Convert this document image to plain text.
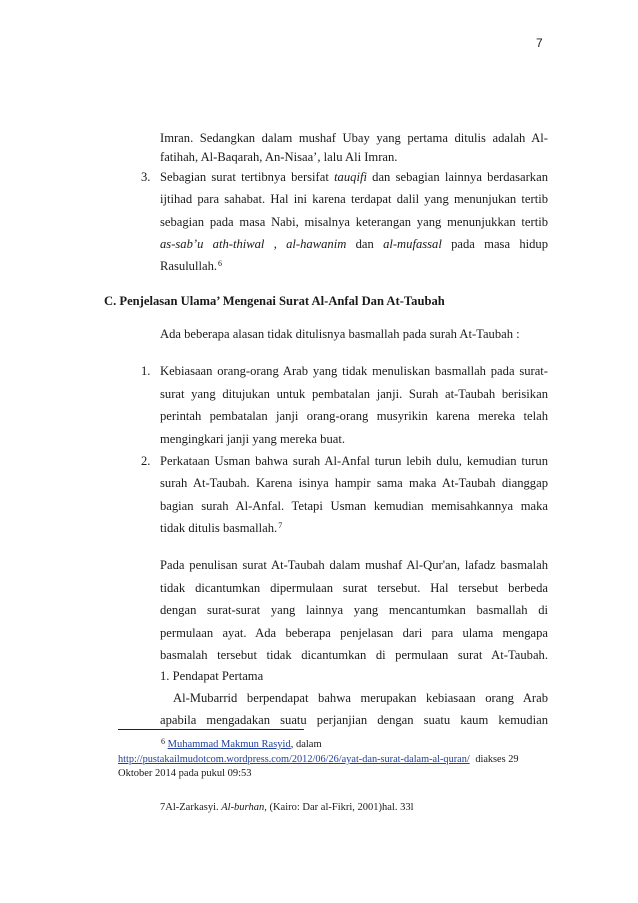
7
Imran. Sedangkan dalam mushaf Ubay yang pertama ditulis adalah Al-
fatihah, Al-Baqarah, An-Nisaa’, lalu Ali Imran.
3. Sebagian surat tertibnya bersifat tauqifi dan sebagian lainnya berdasarkan
ijtihad para sahabat. Hal ini karena terdapat dalil yang menunjukan tertib
sebagian pada masa Nabi, misalnya keterangan yang menunjukkan tertib
as-sab’u ath-thiwal , al-hawanim dan al-mufassal pada masa hidup
Rasulullah.$^6$
C. Penjelasan Ulama’ Mengenai Surat Al-Anfal Dan At-Taubah
Ada beberapa alasan tidak ditulisnya basmallah pada surah At-Taubah :
1. Kebiasaan orang-orang Arab yang tidak menuliskan basmallah pada surat-
surat yang ditujukan untuk pembatalan janji. Surah at-Taubah berisikan
perintah pembatalan janji orang-orang musyrikin karena mereka telah
mengingkari janji yang mereka buat.
2. Perkataan Usman bahwa surah Al-Anfal turun lebih dulu, kemudian turun
surah At-Taubah. Karena isinya hampir sama maka At-Taubah dianggap
bagian surah Al-Anfal. Tetapi Usman kemudian memisahkannya maka
tidak ditulis basmallah.$^7$
Pada penulisan surat At-Taubah dalam mushaf Al-Qur'an, lafadz basmalah
tidak dicantumkan dipermulaan surat tersebut. Hal tersebut berbeda
dengan surat-surat yang lainnya yang mencantumkan basmallah di
permulaan ayat. Ada beberapa penjelasan dari para ulama mengapa
basmalah tersebut tidak dicantumkan di permulaan surat At-Taubah.
1. Pendapat Pertama
Al-Mubarrid berpendapat bahwa merupakan kebiasaan orang Arab
apabila mengadakan suatu perjanjian dengan suatu kaum kemudian
$^6$ Muhammad Makmun Rasyid, dalam
http://pustakailmudotcom.wordpress.com/2012/06/26/ayat-dan-surat-dalam-al-quran/ diakses 29
Oktober 2014 pada pukul 09:53
7Al-Zarkasyi. Al-burhan, (Kairo: Dar al-Fikri, 2001)hal. 33l
